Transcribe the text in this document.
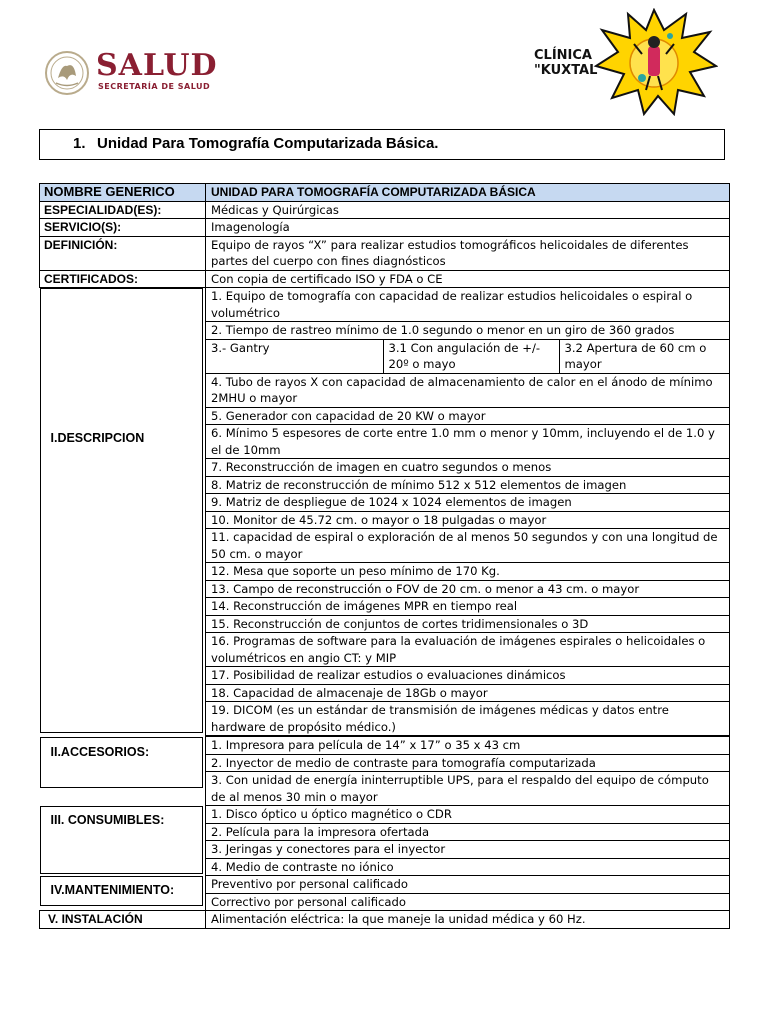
SALUD
SECRETARÍA DE SALUD
CLÍNICA
"KUXTAL"
1. Unidad Para Tomografía Computarizada Básica.
NOMBRE GENERICO	UNIDAD PARA TOMOGRAFÍA COMPUTARIZADA BÁSICA
ESPECIALIDAD(ES):	Médicas y Quirúrgicas
SERVICIO(S):	Imagenología
DEFINICIÓN:	Equipo de rayos “X” para realizar estudios tomográficos helicoidales de diferentes partes del cuerpo con fines diagnósticos
CERTIFICADOS:	Con copia de certificado ISO y FDA o CE

I.DESCRIPCION
	1. Equipo de tomografía con capacidad de realizar estudios helicoidales o espiral o volumétrico
2. Tiempo de rastreo mínimo de 1.0 segundo o menor en un giro de 360 grados

3.- Gantry	3.1 Con angulación de +/- 20º o mayo	3.2 Apertura de 60 cm o mayor

4. Tubo de rayos X con capacidad de almacenamiento de calor en el ánodo de mínimo 2MHU o mayor
5. Generador con capacidad de 20 KW o mayor
6. Mínimo 5 espesores de corte entre 1.0 mm o menor y 10mm, incluyendo el de 1.0 y el de 10mm
7. Reconstrucción de imagen en cuatro segundos o menos
8. Matriz de reconstrucción de mínimo 512 x 512 elementos de imagen
9. Matriz de despliegue de 1024 x 1024 elementos de imagen
10. Monitor de 45.72 cm. o mayor o 18 pulgadas o mayor
11. capacidad de espiral o exploración de al menos 50 segundos y con una longitud de 50 cm. o mayor
12. Mesa que soporte un peso mínimo de 170 Kg.
13. Campo de reconstrucción o FOV de 20 cm. o menor a 43 cm. o mayor
14. Reconstrucción de imágenes MPR en tiempo real
15. Reconstrucción de conjuntos de cortes tridimensionales o 3D
16. Programas de software para la evaluación de imágenes espirales o helicoidales o volumétricos en angio CT: y MIP
17. Posibilidad de realizar estudios o evaluaciones dinámicos
18. Capacidad de almacenaje de 18Gb o mayor
19. DICOM (es un estándar de transmisión de imágenes médicas y datos entre hardware de propósito médico.)

II.ACCESORIOS:	1. Impresora para película de 14” x 17” o 35 x 43 cm
2. Inyector de medio de contraste para tomografía computarizada
3. Con unidad de energía ininterruptible UPS, para el respaldo del equipo de cómputo de al menos 30 min o mayor

III. CONSUMIBLES:	1. Disco óptico u óptico magnético o CDR
2. Película para la impresora ofertada
3. Jeringas y conectores para el inyector
4. Medio de contraste no iónico

IV.MANTENIMIENTO:	Preventivo por personal calificado
Correctivo por personal calificado
V. INSTALACIÓN	Alimentación eléctrica: la que maneje la unidad médica y 60 Hz.
